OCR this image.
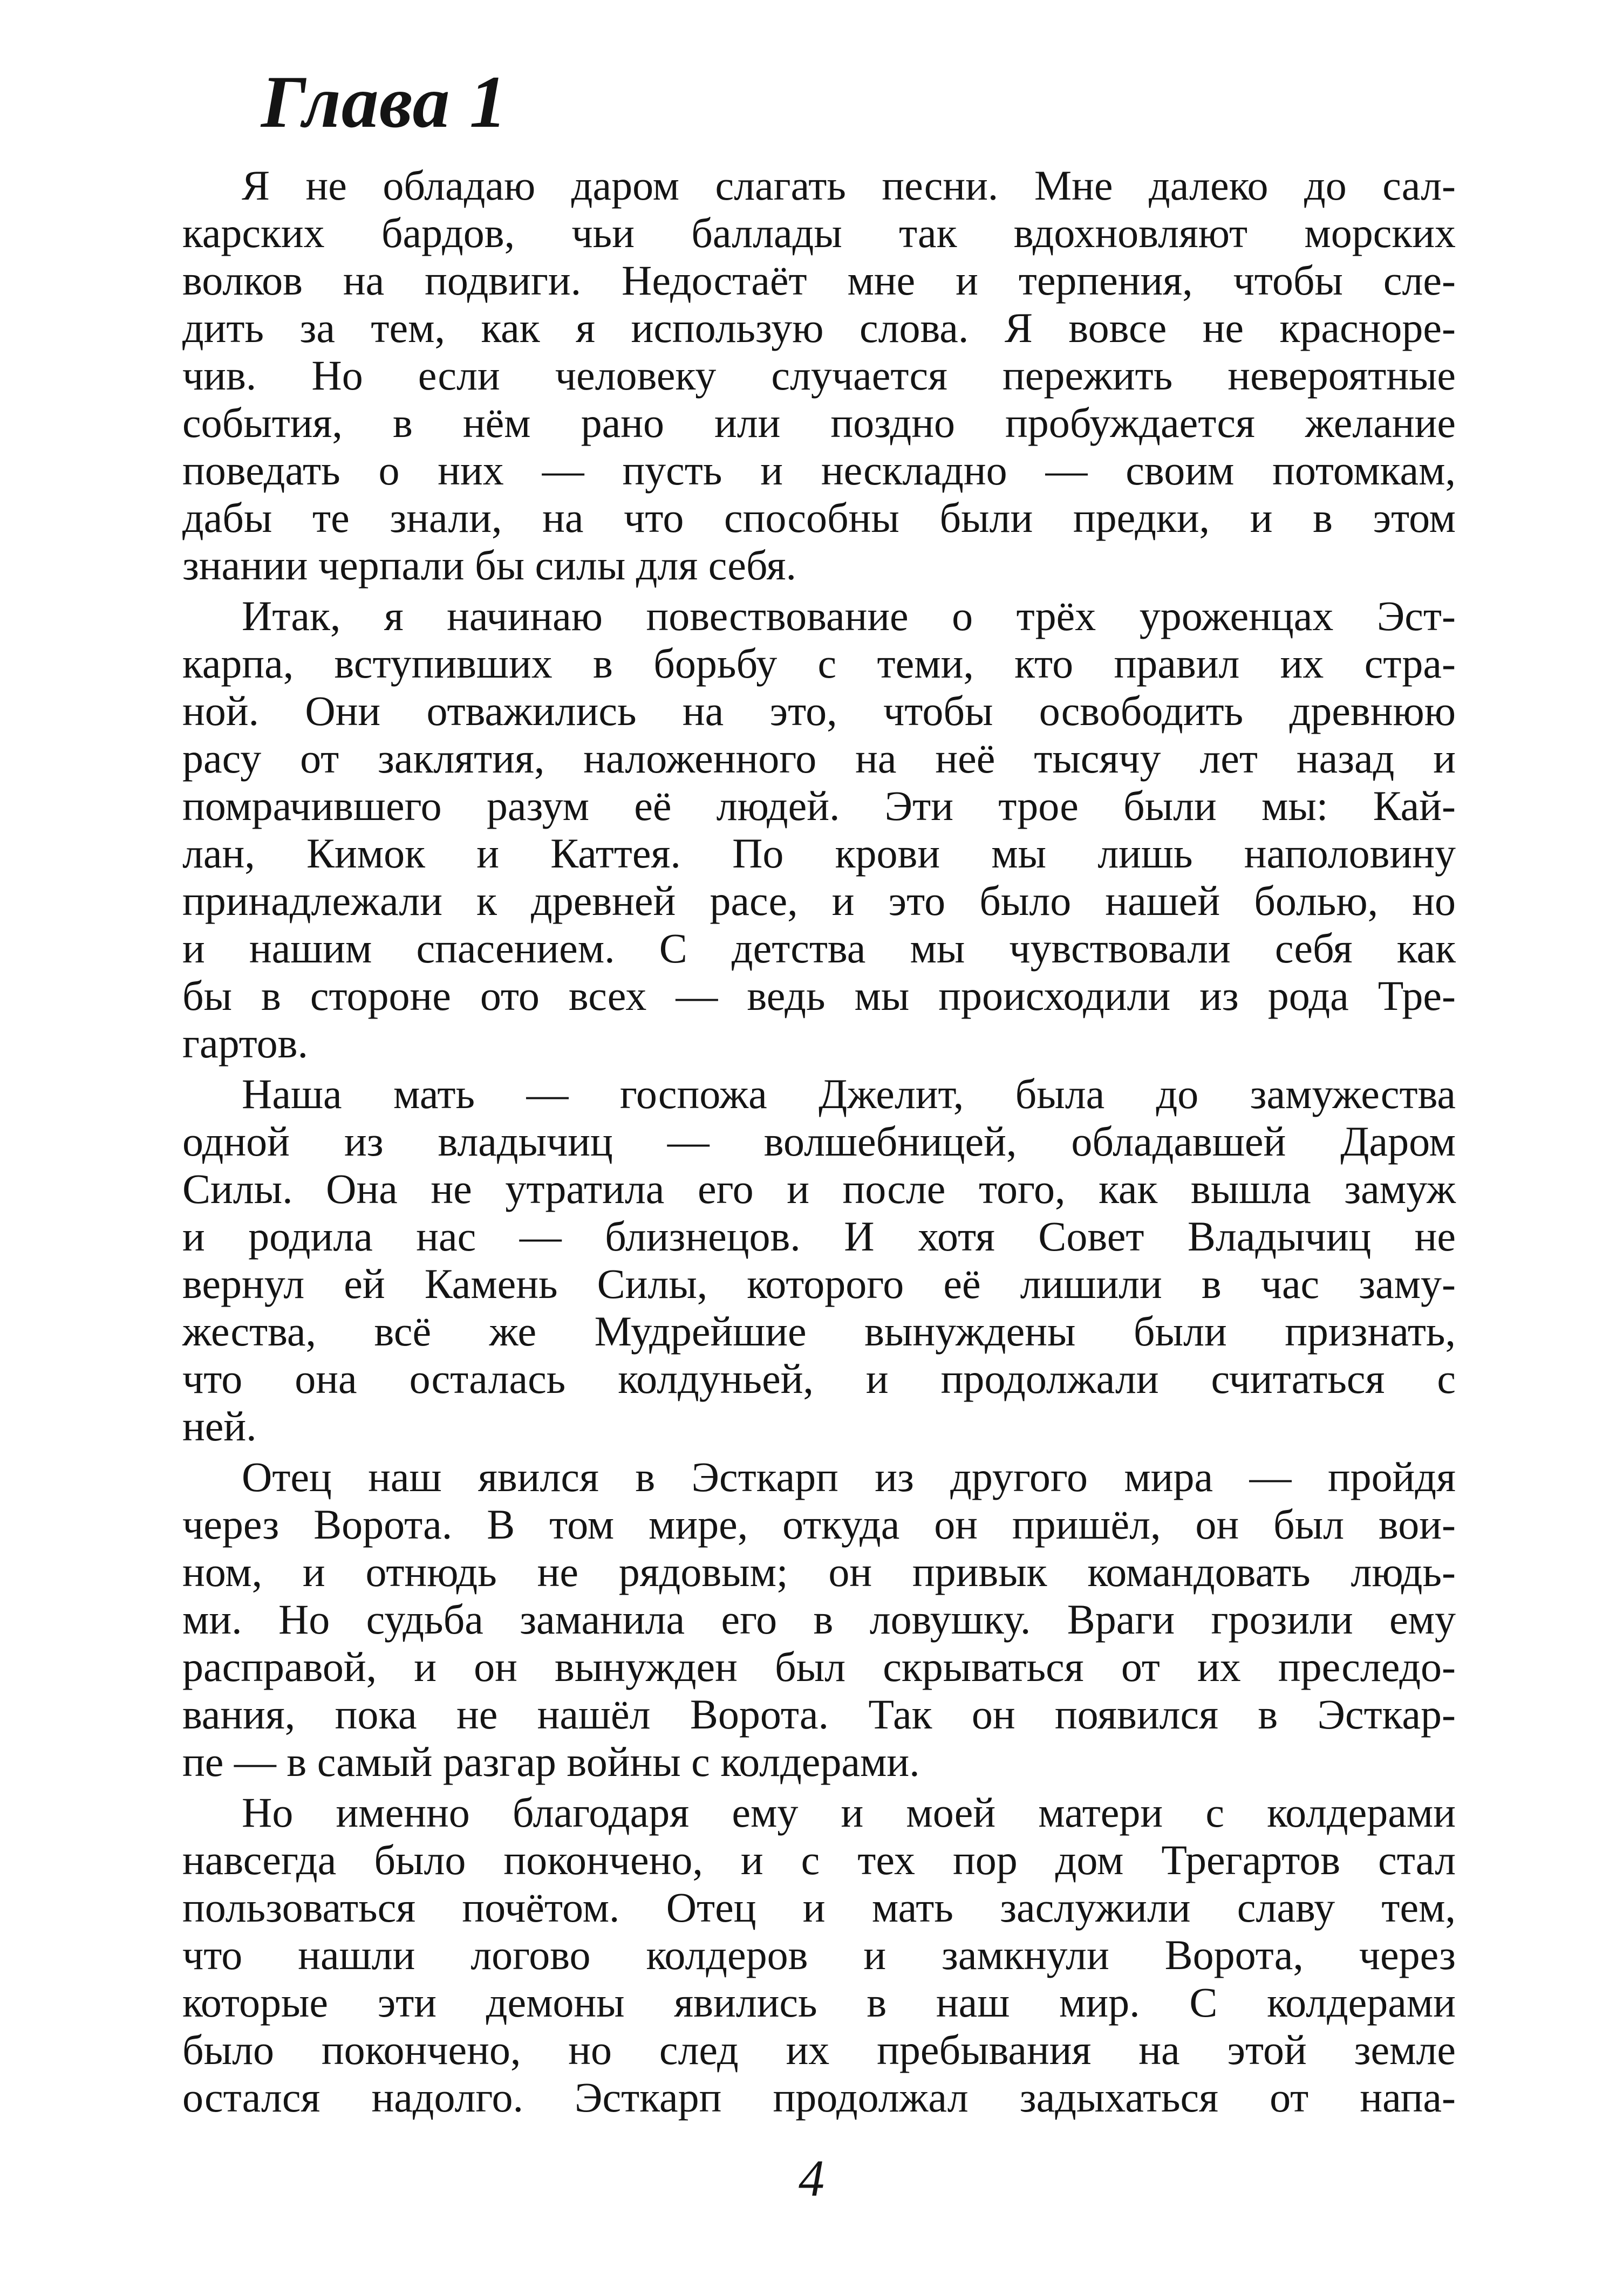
Глава 1
Я не обладаю даром слагать песни. Мне далеко до сал-
карских бардов, чьи баллады так вдохновляют морских
волков на подвиги. Недостаёт мне и терпения, чтобы сле-
дить за тем, как я использую слова. Я вовсе не красноре-
чив. Но если человеку случается пережить невероятные
события, в нём рано или поздно пробуждается желание
поведать о них — пусть и нескладно — своим потомкам,
дабы те знали, на что способны были предки, и в этом
знании черпали бы силы для себя.
Итак, я начинаю повествование о трёх уроженцах Эст-
карпа, вступивших в борьбу с теми, кто правил их стра-
ной. Они отважились на это, чтобы освободить древнюю
расу от заклятия, наложенного на неё тысячу лет назад и
помрачившего разум её людей. Эти трое были мы: Кай-
лан, Кимок и Каттея. По крови мы лишь наполовину
принадлежали к древней расе, и это было нашей болью, но
и нашим спасением. С детства мы чувствовали себя как
бы в стороне ото всех — ведь мы происходили из рода Тре-
гартов.
Наша мать — госпожа Джелит, была до замужества
одной из владычиц — волшебницей, обладавшей Даром
Силы. Она не утратила его и после того, как вышла замуж
и родила нас — близнецов. И хотя Совет Владычиц не
вернул ей Камень Силы, которого её лишили в час заму-
жества, всё же Мудрейшие вынуждены были признать,
что она осталась колдуньей, и продолжали считаться с
ней.
Отец наш явился в Эсткарп из другого мира — пройдя
через Ворота. В том мире, откуда он пришёл, он был вои-
ном, и отнюдь не рядовым; он привык командовать людь-
ми. Но судьба заманила его в ловушку. Враги грозили ему
расправой, и он вынужден был скрываться от их преследо-
вания, пока не нашёл Ворота. Так он появился в Эсткар-
пе — в самый разгар войны с колдерами.
Но именно благодаря ему и моей матери с колдерами
навсегда было покончено, и с тех пор дом Трегартов стал
пользоваться почётом. Отец и мать заслужили славу тем,
что нашли логово колдеров и замкнули Ворота, через
которые эти демоны явились в наш мир. С колдерами
было покончено, но след их пребывания на этой земле
остался надолго. Эсткарп продолжал задыхаться от напа-
4
